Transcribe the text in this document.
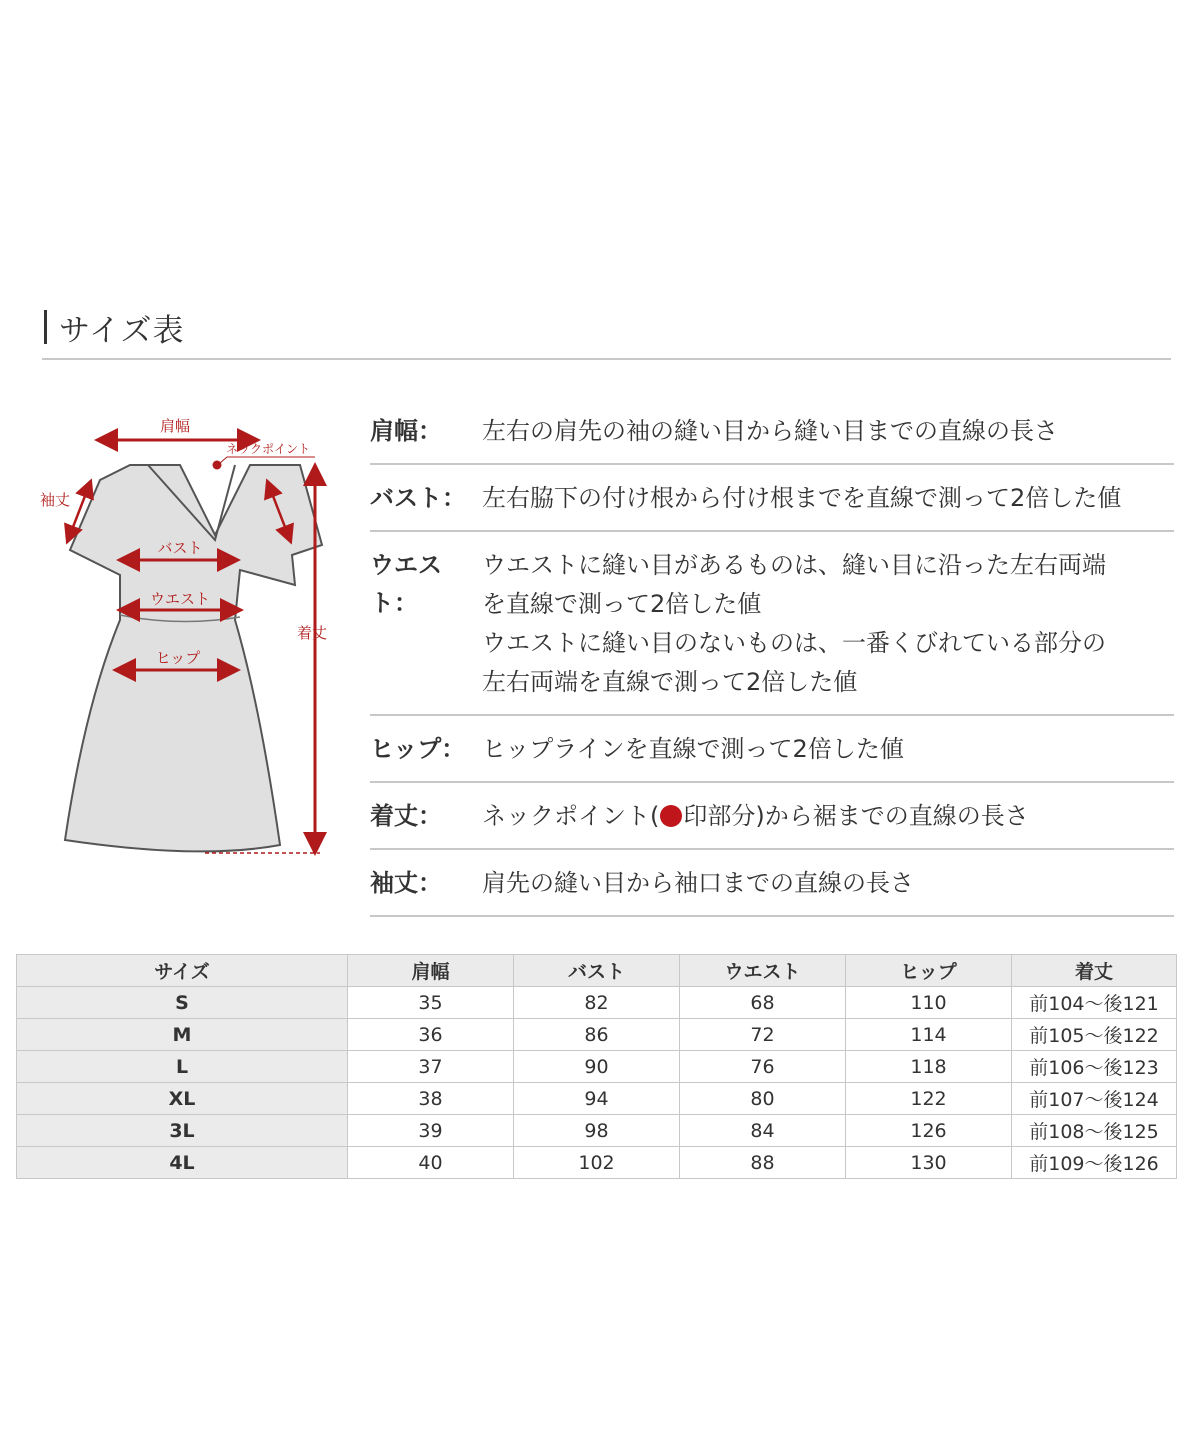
サイズ表
肩幅
ネックポイント
袖丈
バスト
ウエスト
ヒップ
着丈
肩幅：	左右の肩先の袖の縫い目から縫い目までの直線の長さ
バスト： 左右脇下の付け根から付け根までを直線で測って2倍した値
ウエスト：
ウエストに縫い目があるものは、縫い目に沿った左右両端
を直線で測って2倍した値
ウエストに縫い目のないものは、一番くびれている部分の
左右両端を直線で測って2倍した値
ヒップ： ヒップラインを直線で測って2倍した値
着丈：	ネックポイント( 印部分)から裾までの直線の長さ
袖丈：	肩先の縫い目から袖口までの直線の長さ
サイズ	肩幅	バスト	ウエスト	ヒップ	着丈
S	35	82	68	110	前104～後121
M	36	86	72	114	前105～後122
L	37	90	76	118	前106～後123
XL	38	94	80	122	前107～後124
3L	39	98	84	126	前108～後125
4L	40	102	88	130	前109～後126
